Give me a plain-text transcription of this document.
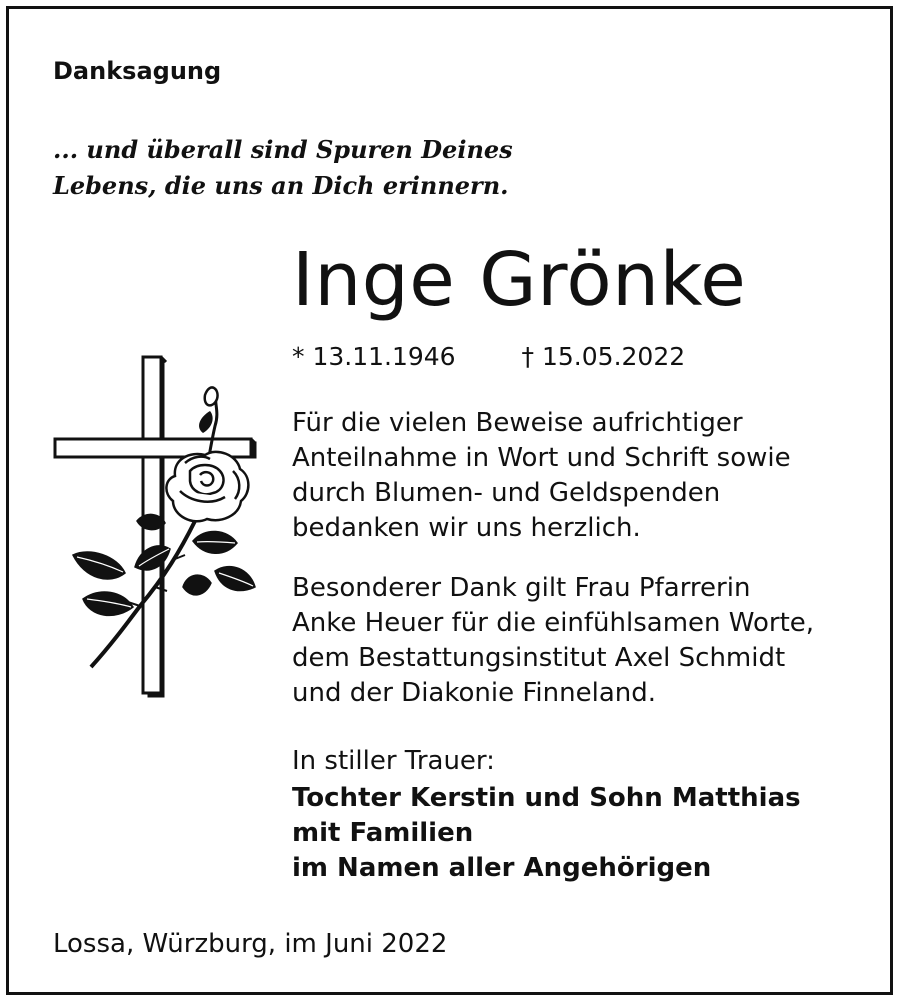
Danksagung
... und überall sind Spuren Deines
Lebens, die uns an Dich erinnern.
Inge Grönke
* 13.11.1946	† 15.05.2022
Für die vielen Beweise aufrichtiger
Anteilnahme in Wort und Schrift sowie
durch Blumen- und Geldspenden
bedanken wir uns herzlich.
Besonderer Dank gilt Frau Pfarrerin
Anke Heuer für die einfühlsamen Worte,
dem Bestattungsinstitut Axel Schmidt
und der Diakonie Finneland.
In stiller Trauer:
Tochter Kerstin und Sohn Matthias
mit Familien
im Namen aller Angehörigen
Lossa, Würzburg, im Juni 2022
